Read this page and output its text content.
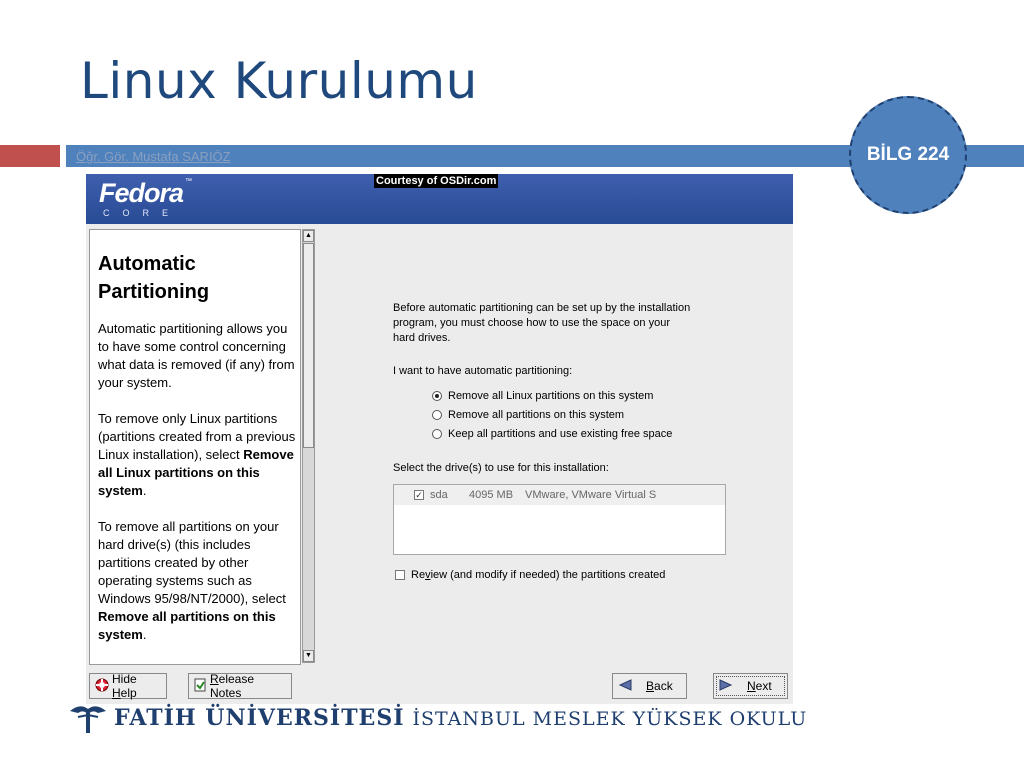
Linux Kurulumu
Öğr. Gör. Mustafa SARIÖZ	BİLG 224
Fedora ™
CORE
Courtesy of OSDir.com
Automatic Partitioning

Automatic partitioning allows you to have some control concerning what data is removed (if any) from your system.

To remove only Linux partitions (partitions created from a previous Linux installation), select Remove all Linux partitions on this system.

To remove all partitions on your hard drive(s) (this includes partitions created by other operating systems such as Windows 95/98/NT/2000), select Remove all partitions on this system.

▲
▼
Before automatic partitioning can be set up by the installation program, you must choose how to use the space on your hard drives.
I want to have automatic partitioning:
Remove all Linux partitions on this system
Remove all partitions on this system
Keep all partitions and use existing free space
Select the drive(s) to use for this installation:
✓ sda	4095 MB	VMware, VMware Virtual S
Review (and modify if needed) the partitions created
Hide Help
Release Notes	Back	Next
FATİH ÜNİVERSİTESİ İSTANBUL MESLEK YÜKSEK OKULU
